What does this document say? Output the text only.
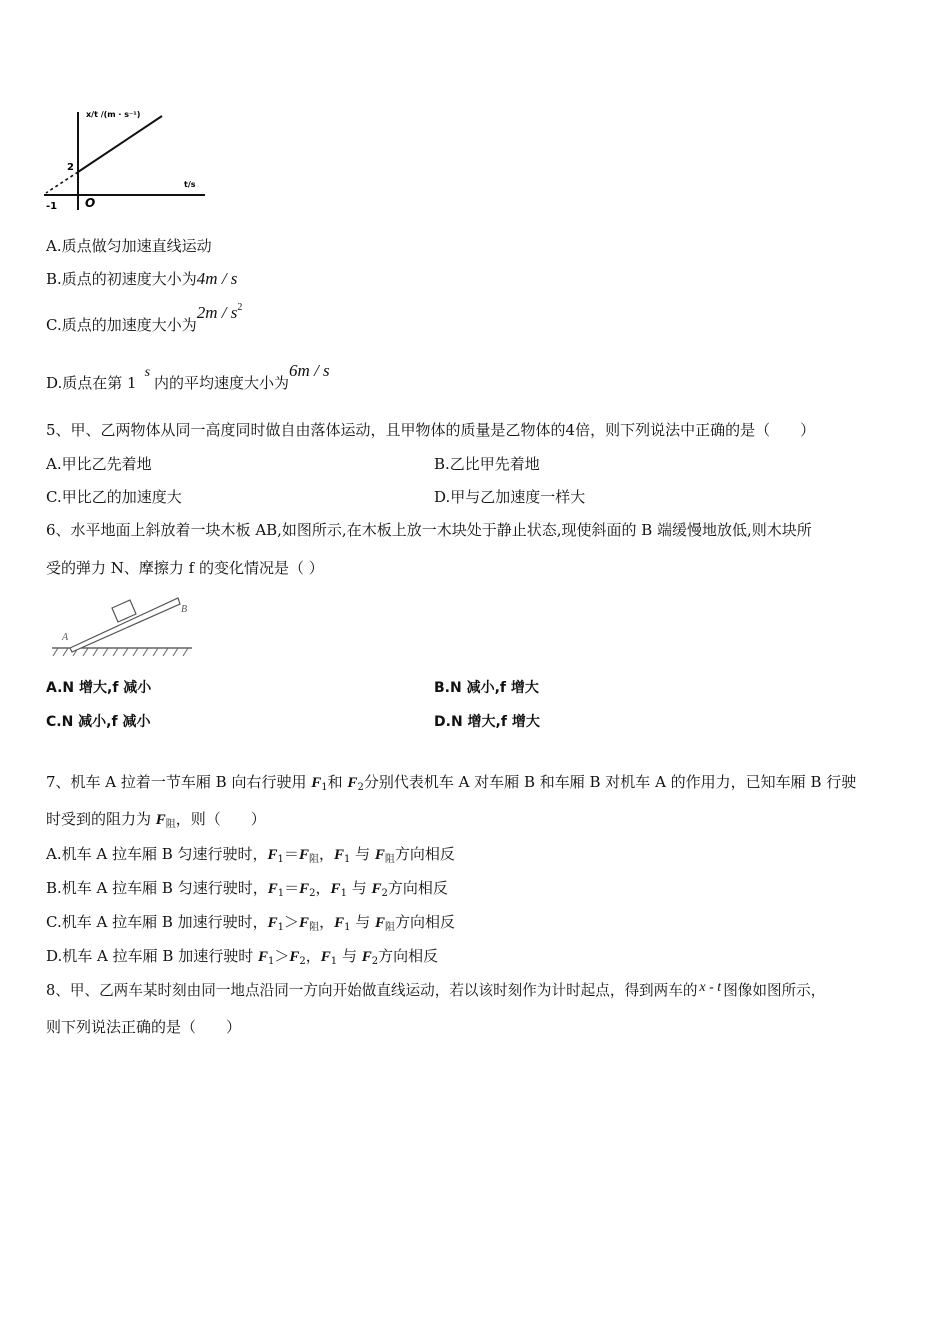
x/t /(m · s⁻¹)
2
t/s
-1 O
A.质点做匀加速直线运动
B.质点的初速度大小为4m / s
C.质点的加速度大小为$2m / s^2$
D.质点在第 1s内的平均速度大小为6m / s
5、甲、乙两物体从同一高度同时做自由落体运动，且甲物体的质量是乙物体的4倍，则下列说法中正确的是（　　）
A.甲比乙先着地	B.乙比甲先着地
C.甲比乙的加速度大	D.甲与乙加速度一样大
6、水平地面上斜放着一块木板 AB,如图所示,在木板上放一木块处于静止状态,现使斜面的 B 端缓慢地放低,则木块所
受的弹力 N、摩擦力 f 的变化情况是（ ）
A
B
A.N 增大,f 减小	B.N 减小,f 增大
C.N 减小,f 减小	D.N 增大,f 增大
7、机车 A 拉着一节车厢 B 向右行驶用 $F_1$和 $F_2$分别代表机车 A 对车厢 B 和车厢 B 对机车 A 的作用力，已知车厢 B 行驶
时受到的阻力为 $F_阻$，则（　　）
A.机车 A 拉车厢 B 匀速行驶时，$F_1=F_阻$，$F_1$ 与 $F_阻$方向相反
B.机车 A 拉车厢 B 匀速行驶时，$F_1=F_2$，$F_1$ 与 $F_2$方向相反
C.机车 A 拉车厢 B 加速行驶时，$F_1>F_阻$，$F_1$ 与 $F_阻$方向相反
D.机车 A 拉车厢 B 加速行驶时 $F_1>F_2$，$F_1$ 与 $F_2$方向相反
8、甲、乙两车某时刻由同一地点沿同一方向开始做直线运动，若以该时刻作为计时起点，得到两车的 x - t 图像如图所示，
则下列说法正确的是（　　）
